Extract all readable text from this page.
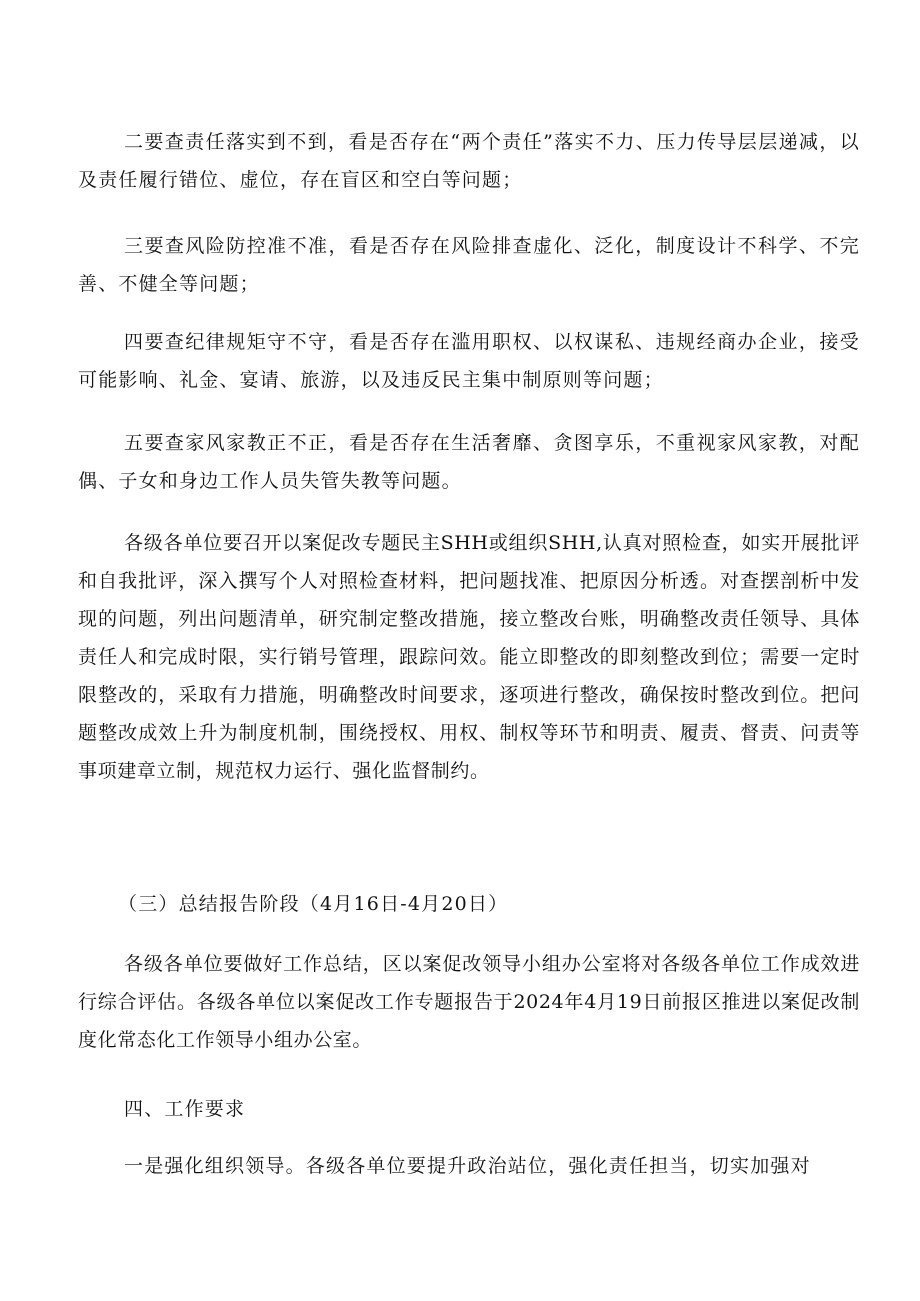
二要查责任落实到不到，看是否存在“两个责任”落实不力、压力传导层层递减，以及责任履行错位、虚位，存在盲区和空白等问题；

三要查风险防控准不准，看是否存在风险排查虚化、泛化，制度设计不科学、不完善、不健全等问题；

四要查纪律规矩守不守，看是否存在滥用职权、以权谋私、违规经商办企业，接受可能影响、礼金、宴请、旅游，以及违反民主集中制原则等问题；

五要查家风家教正不正，看是否存在生活奢靡、贪图享乐，不重视家风家教，对配偶、子女和身边工作人员失管失教等问题。

各级各单位要召开以案促改专题民主SHH或组织SHH,认真对照检查，如实开展批评和自我批评，深入撰写个人对照检查材料，把问题找准、把原因分析透。对查摆剖析中发现的问题，列出问题清单，研究制定整改措施，接立整改台账，明确整改责任领导、具体责任人和完成时限，实行销号管理，跟踪问效。能立即整改的即刻整改到位；需要一定时限整改的，采取有力措施，明确整改时间要求，逐项进行整改，确保按时整改到位。把问题整改成效上升为制度机制，围绕授权、用权、制权等环节和明责、履责、督责、问责等事项建章立制，规范权力运行、强化监督制约。

（三）总结报告阶段（4月16日-4月20日）

各级各单位要做好工作总结，区以案促改领导小组办公室将对各级各单位工作成效进行综合评估。各级各单位以案促改工作专题报告于2024年4月19日前报区推进以案促改制度化常态化工作领导小组办公室。

四、工作要求

一是强化组织领导。各级各单位要提升政治站位，强化责任担当，切实加强对
